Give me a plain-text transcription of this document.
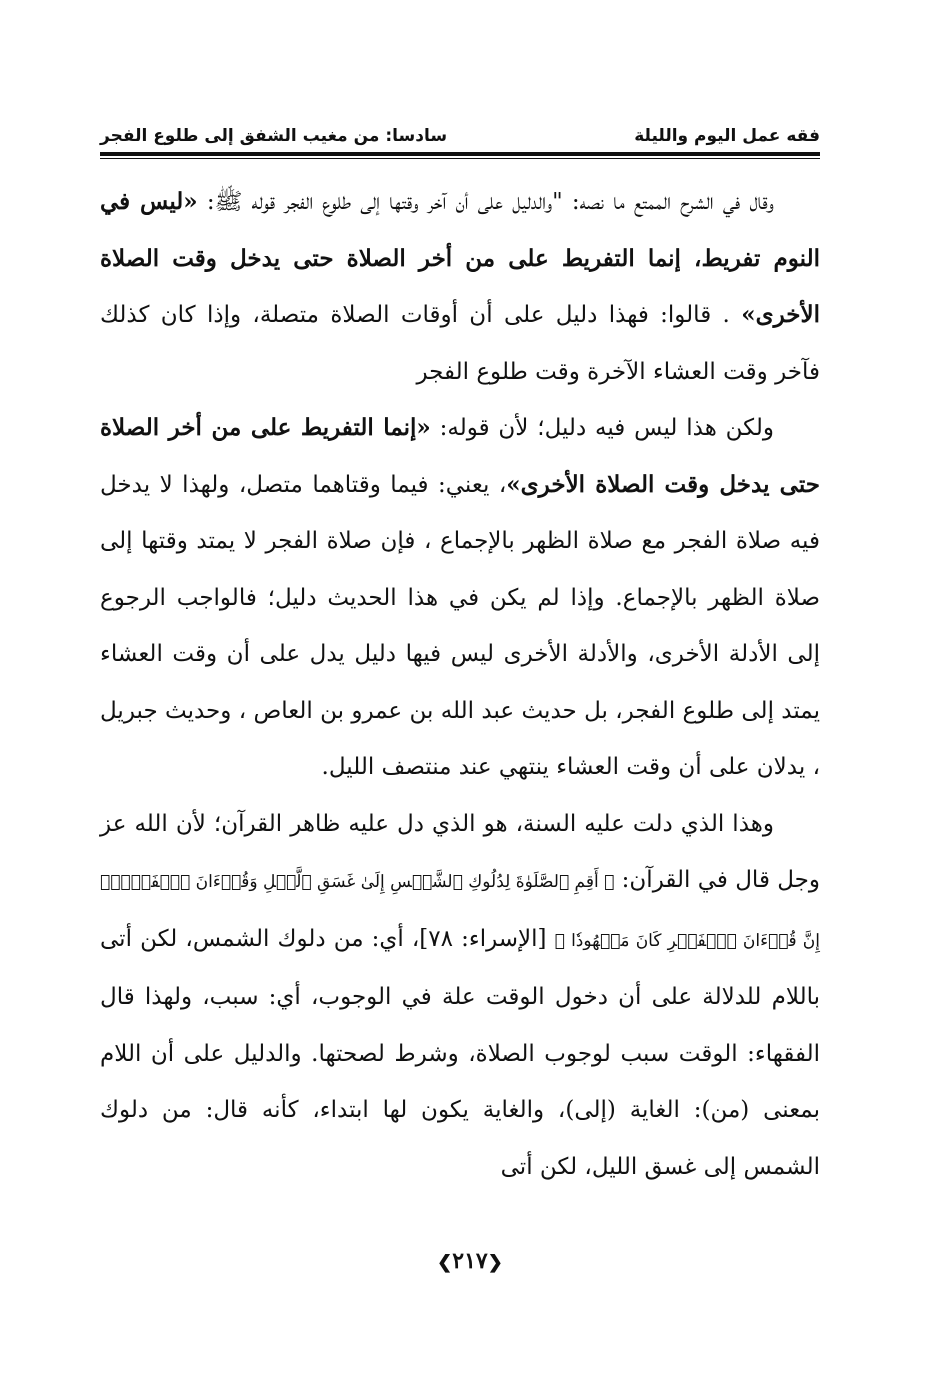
فقه عمل اليوم والليلة
سادسا: من مغيب الشفق إلى طلوع الفجر

وقال في الشرح الممتع ما نصه: "والدليل على أن آخر وقتها إلى طلوع الفجر قوله ﷺ: «ليس في النوم تفريط، إنما التفريط على من أخر الصلاة حتى يدخل وقت الصلاة الأخرى» . قالوا: فهذا دليل على أن أوقات الصلاة متصلة، وإذا كان كذلك فآخر وقت العشاء الآخرة وقت طلوع الفجر

ولكن هذا ليس فيه دليل؛ لأن قوله: «إنما التفريط على من أخر الصلاة حتى يدخل وقت الصلاة الأخرى»، يعني: فيما وقتاهما متصل، ولهذا لا يدخل فيه صلاة الفجر مع صلاة الظهر بالإجماع ، فإن صلاة الفجر لا يمتد وقتها إلى صلاة الظهر بالإجماع. وإذا لم يكن في هذا الحديث دليل؛ فالواجب الرجوع إلى الأدلة الأخرى، والأدلة الأخرى ليس فيها دليل يدل على أن وقت العشاء يمتد إلى طلوع الفجر، بل حديث عبد الله بن عمرو بن العاص ، وحديث جبريل ، يدلان على أن وقت العشاء ينتهي عند منتصف الليل.

وهذا الذي دلت عليه السنة، هو الذي دل عليه ظاهر القرآن؛ لأن الله عز وجل قال في القرآن: ﴿ أَقِمِ ٱلصَّلَوٰةَ لِدُلُوكِ ٱلشَّمۡسِ إِلَىٰ غَسَقِ ٱلَّيۡلِ وَقُرۡءَانَ ٱلۡفَجۡرِۖ إِنَّ قُرۡءَانَ ٱلۡفَجۡرِ كَانَ مَشۡهُودٗا ﴾ [الإسراء: ٧٨]، أي: من دلوك الشمس، لكن أتى باللام للدلالة على أن دخول الوقت علة في الوجوب، أي: سبب، ولهذا قال الفقهاء: الوقت سبب لوجوب الصلاة، وشرط لصحتها. والدليل على أن اللام بمعنى (من): الغاية (إلى)، والغاية يكون لها ابتداء، كأنه قال: من دلوك الشمس إلى غسق الليل، لكن أتى

❮٢١٧❯
